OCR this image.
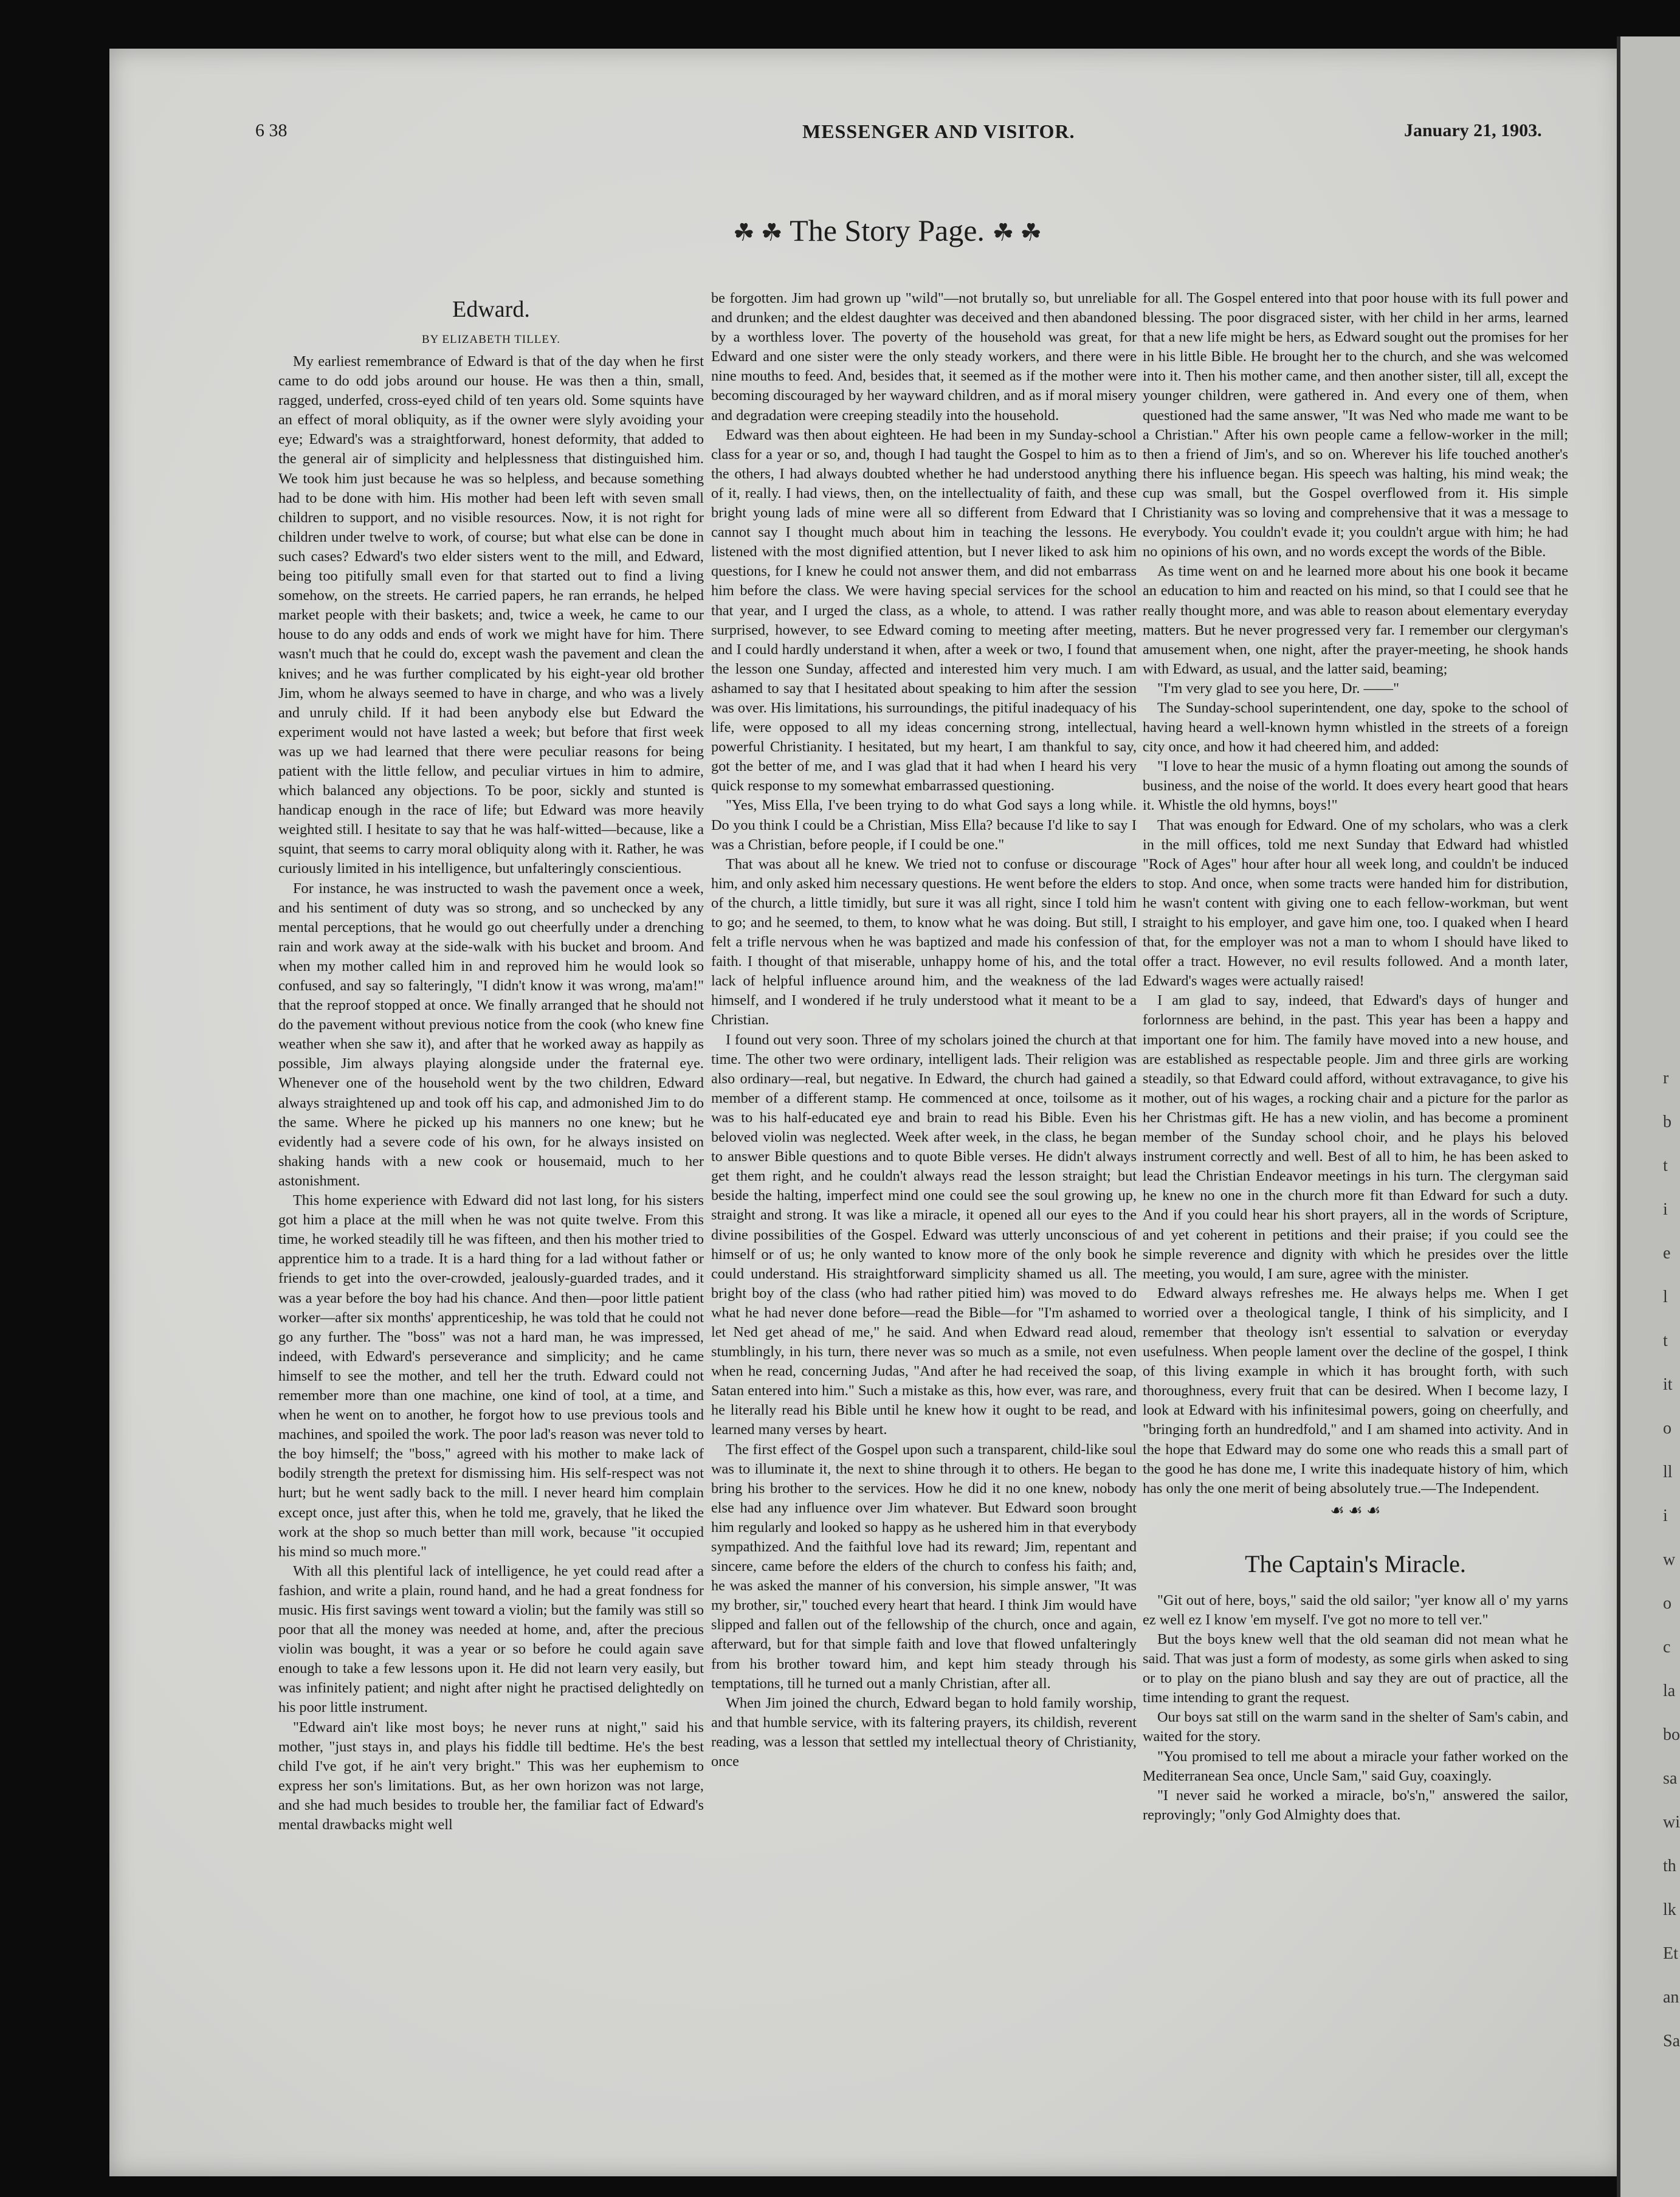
6 38	MESSENGER AND VISITOR.	January 21, 1903.
☘ ☘ The Story Page. ☘ ☘
Edward.
BY ELIZABETH TILLEY.

My earliest remembrance of Edward is that of the day when he first came to do odd jobs around our house. He was then a thin, small, ragged, underfed, cross-eyed child of ten years old. Some squints have an effect of moral obliquity, as if the owner were slyly avoiding your eye; Edward's was a straightforward, honest deformity, that added to the general air of simplicity and helplessness that distinguished him. We took him just because he was so helpless, and because something had to be done with him. His mother had been left with seven small children to support, and no visible resources. Now, it is not right for children under twelve to work, of course; but what else can be done in such cases? Edward's two elder sisters went to the mill, and Edward, being too pitifully small even for that started out to find a living somehow, on the streets. He carried papers, he ran errands, he helped market people with their baskets; and, twice a week, he came to our house to do any odds and ends of work we might have for him. There wasn't much that he could do, except wash the pavement and clean the knives; and he was further complicated by his eight-year old brother Jim, whom he always seemed to have in charge, and who was a lively and unruly child. If it had been anybody else but Edward the experiment would not have lasted a week; but before that first week was up we had learned that there were peculiar reasons for being patient with the little fellow, and peculiar virtues in him to admire, which balanced any objections. To be poor, sickly and stunted is handicap enough in the race of life; but Edward was more heavily weighted still. I hesitate to say that he was half-witted—because, like a squint, that seems to carry moral obliquity along with it. Rather, he was curiously limited in his intelligence, but unfalteringly conscientious.

For instance, he was instructed to wash the pavement once a week, and his sentiment of duty was so strong, and so unchecked by any mental perceptions, that he would go out cheerfully under a drenching rain and work away at the side-walk with his bucket and broom. And when my mother called him in and reproved him he would look so confused, and say so falteringly, "I didn't know it was wrong, ma'am!" that the reproof stopped at once. We finally arranged that he should not do the pavement without previous notice from the cook (who knew fine weather when she saw it), and after that he worked away as happily as possible, Jim always playing alongside under the fraternal eye. Whenever one of the household went by the two children, Edward always straightened up and took off his cap, and admonished Jim to do the same. Where he picked up his manners no one knew; but he evidently had a severe code of his own, for he always insisted on shaking hands with a new cook or housemaid, much to her astonishment.

This home experience with Edward did not last long, for his sisters got him a place at the mill when he was not quite twelve. From this time, he worked steadily till he was fifteen, and then his mother tried to apprentice him to a trade. It is a hard thing for a lad without father or friends to get into the over-crowded, jealously-guarded trades, and it was a year before the boy had his chance. And then—poor little patient worker—after six months' apprenticeship, he was told that he could not go any further. The "boss" was not a hard man, he was impressed, indeed, with Edward's perseverance and simplicity; and he came himself to see the mother, and tell her the truth. Edward could not remember more than one machine, one kind of tool, at a time, and when he went on to another, he forgot how to use previous tools and machines, and spoiled the work. The poor lad's reason was never told to the boy himself; the "boss," agreed with his mother to make lack of bodily strength the pretext for dismissing him. His self-respect was not hurt; but he went sadly back to the mill. I never heard him complain except once, just after this, when he told me, gravely, that he liked the work at the shop so much better than mill work, because "it occupied his mind so much more."

With all this plentiful lack of intelligence, he yet could read after a fashion, and write a plain, round hand, and he had a great fondness for music. His first savings went toward a violin; but the family was still so poor that all the money was needed at home, and, after the precious violin was bought, it was a year or so before he could again save enough to take a few lessons upon it. He did not learn very easily, but was infinitely patient; and night after night he practised delightedly on his poor little instrument.

"Edward ain't like most boys; he never runs at night," said his mother, "just stays in, and plays his fiddle till bedtime. He's the best child I've got, if he ain't very bright." This was her euphemism to express her son's limitations. But, as her own horizon was not large, and she had much besides to trouble her, the familiar fact of Edward's mental drawbacks might well

be forgotten. Jim had grown up "wild"—not brutally so, but unreliable and drunken; and the eldest daughter was deceived and then abandoned by a worthless lover. The poverty of the household was great, for Edward and one sister were the only steady workers, and there were nine mouths to feed. And, besides that, it seemed as if the mother were becoming discouraged by her wayward children, and as if moral misery and degradation were creeping steadily into the household.

Edward was then about eighteen. He had been in my Sunday-school class for a year or so, and, though I had taught the Gospel to him as to the others, I had always doubted whether he had understood anything of it, really. I had views, then, on the intellectuality of faith, and these bright young lads of mine were all so different from Edward that I cannot say I thought much about him in teaching the lessons. He listened with the most dignified attention, but I never liked to ask him questions, for I knew he could not answer them, and did not embarrass him before the class. We were having special services for the school that year, and I urged the class, as a whole, to attend. I was rather surprised, however, to see Edward coming to meeting after meeting, and I could hardly understand it when, after a week or two, I found that the lesson one Sunday, affected and interested him very much. I am ashamed to say that I hesitated about speaking to him after the session was over. His limitations, his surroundings, the pitiful inadequacy of his life, were opposed to all my ideas concerning strong, intellectual, powerful Christianity. I hesitated, but my heart, I am thankful to say, got the better of me, and I was glad that it had when I heard his very quick response to my somewhat embarrassed questioning.

"Yes, Miss Ella, I've been trying to do what God says a long while. Do you think I could be a Christian, Miss Ella? because I'd like to say I was a Christian, before people, if I could be one."

That was about all he knew. We tried not to confuse or discourage him, and only asked him necessary questions. He went before the elders of the church, a little timidly, but sure it was all right, since I told him to go; and he seemed, to them, to know what he was doing. But still, I felt a trifle nervous when he was baptized and made his confession of faith. I thought of that miserable, unhappy home of his, and the total lack of helpful influence around him, and the weakness of the lad himself, and I wondered if he truly understood what it meant to be a Christian.

I found out very soon. Three of my scholars joined the church at that time. The other two were ordinary, intelligent lads. Their religion was also ordinary—real, but negative. In Edward, the church had gained a member of a different stamp. He commenced at once, toilsome as it was to his half-educated eye and brain to read his Bible. Even his beloved violin was neglected. Week after week, in the class, he began to answer Bible questions and to quote Bible verses. He didn't always get them right, and he couldn't always read the lesson straight; but beside the halting, imperfect mind one could see the soul growing up, straight and strong. It was like a miracle, it opened all our eyes to the divine possibilities of the Gospel. Edward was utterly unconscious of himself or of us; he only wanted to know more of the only book he could understand. His straightforward simplicity shamed us all. The bright boy of the class (who had rather pitied him) was moved to do what he had never done before—read the Bible—for "I'm ashamed to let Ned get ahead of me," he said. And when Edward read aloud, stumblingly, in his turn, there never was so much as a smile, not even when he read, concerning Judas, "And after he had received the soap, Satan entered into him." Such a mistake as this, how ever, was rare, and he literally read his Bible until he knew how it ought to be read, and learned many verses by heart.

The first effect of the Gospel upon such a transparent, child-like soul was to illuminate it, the next to shine through it to others. He began to bring his brother to the services. How he did it no one knew, nobody else had any influence over Jim whatever. But Edward soon brought him regularly and looked so happy as he ushered him in that everybody sympathized. And the faithful love had its reward; Jim, repentant and sincere, came before the elders of the church to confess his faith; and, he was asked the manner of his conversion, his simple answer, "It was my brother, sir," touched every heart that heard. I think Jim would have slipped and fallen out of the fellowship of the church, once and again, afterward, but for that simple faith and love that flowed unfalteringly from his brother toward him, and kept him steady through his temptations, till he turned out a manly Christian, after all.

When Jim joined the church, Edward began to hold family worship, and that humble service, with its faltering prayers, its childish, reverent reading, was a lesson that settled my intellectual theory of Christianity, once

for all. The Gospel entered into that poor house with its full power and blessing. The poor disgraced sister, with her child in her arms, learned that a new life might be hers, as Edward sought out the promises for her in his little Bible. He brought her to the church, and she was welcomed into it. Then his mother came, and then another sister, till all, except the younger children, were gathered in. And every one of them, when questioned had the same answer, "It was Ned who made me want to be a Christian." After his own people came a fellow-worker in the mill; then a friend of Jim's, and so on. Wherever his life touched another's there his influence began. His speech was halting, his mind weak; the cup was small, but the Gospel overflowed from it. His simple Christianity was so loving and comprehensive that it was a message to everybody. You couldn't evade it; you couldn't argue with him; he had no opinions of his own, and no words except the words of the Bible.

As time went on and he learned more about his one book it became an education to him and reacted on his mind, so that I could see that he really thought more, and was able to reason about elementary everyday matters. But he never progressed very far. I remember our clergyman's amusement when, one night, after the prayer-meeting, he shook hands with Edward, as usual, and the latter said, beaming;

"I'm very glad to see you here, Dr. ——"

The Sunday-school superintendent, one day, spoke to the school of having heard a well-known hymn whistled in the streets of a foreign city once, and how it had cheered him, and added:

"I love to hear the music of a hymn floating out among the sounds of business, and the noise of the world. It does every heart good that hears it. Whistle the old hymns, boys!"

That was enough for Edward. One of my scholars, who was a clerk in the mill offices, told me next Sunday that Edward had whistled "Rock of Ages" hour after hour all week long, and couldn't be induced to stop. And once, when some tracts were handed him for distribution, he wasn't content with giving one to each fellow-workman, but went straight to his employer, and gave him one, too. I quaked when I heard that, for the employer was not a man to whom I should have liked to offer a tract. However, no evil results followed. And a month later, Edward's wages were actually raised!

I am glad to say, indeed, that Edward's days of hunger and forlornness are behind, in the past. This year has been a happy and important one for him. The family have moved into a new house, and are established as respectable people. Jim and three girls are working steadily, so that Edward could afford, without extravagance, to give his mother, out of his wages, a rocking chair and a picture for the parlor as her Christmas gift. He has a new violin, and has become a prominent member of the Sunday school choir, and he plays his beloved instrument correctly and well. Best of all to him, he has been asked to lead the Christian Endeavor meetings in his turn. The clergyman said he knew no one in the church more fit than Edward for such a duty. And if you could hear his short prayers, all in the words of Scripture, and yet coherent in petitions and their praise; if you could see the simple reverence and dignity with which he presides over the little meeting, you would, I am sure, agree with the minister.

Edward always refreshes me. He always helps me. When I get worried over a theological tangle, I think of his simplicity, and I remember that theology isn't essential to salvation or everyday usefulness. When people lament over the decline of the gospel, I think of this living example in which it has brought forth, with such thoroughness, every fruit that can be desired. When I become lazy, I look at Edward with his infinitesimal powers, going on cheerfully, and "bringing forth an hundredfold," and I am shamed into activity. And in the hope that Edward may do some one who reads this a small part of the good he has done me, I write this inadequate history of him, which has only the one merit of being absolutely true.—The Independent.

☙ ☙ ☙
The Captain's Miracle.

"Git out of here, boys," said the old sailor; "yer know all o' my yarns ez well ez I know 'em myself. I've got no more to tell ver."

But the boys knew well that the old seaman did not mean what he said. That was just a form of modesty, as some girls when asked to sing or to play on the piano blush and say they are out of practice, all the time intending to grant the request.

Our boys sat still on the warm sand in the shelter of Sam's cabin, and waited for the story.

"You promised to tell me about a miracle your father worked on the Mediterranean Sea once, Uncle Sam," said Guy, coaxingly.

"I never said he worked a miracle, bo's'n," answered the sailor, reprovingly; "only God Almighty does that.

r
b
t
i
e
l
t
it
o
ll
i
w
o
c
la
bo
sa
wi
th
lk
Et
an
Sa
